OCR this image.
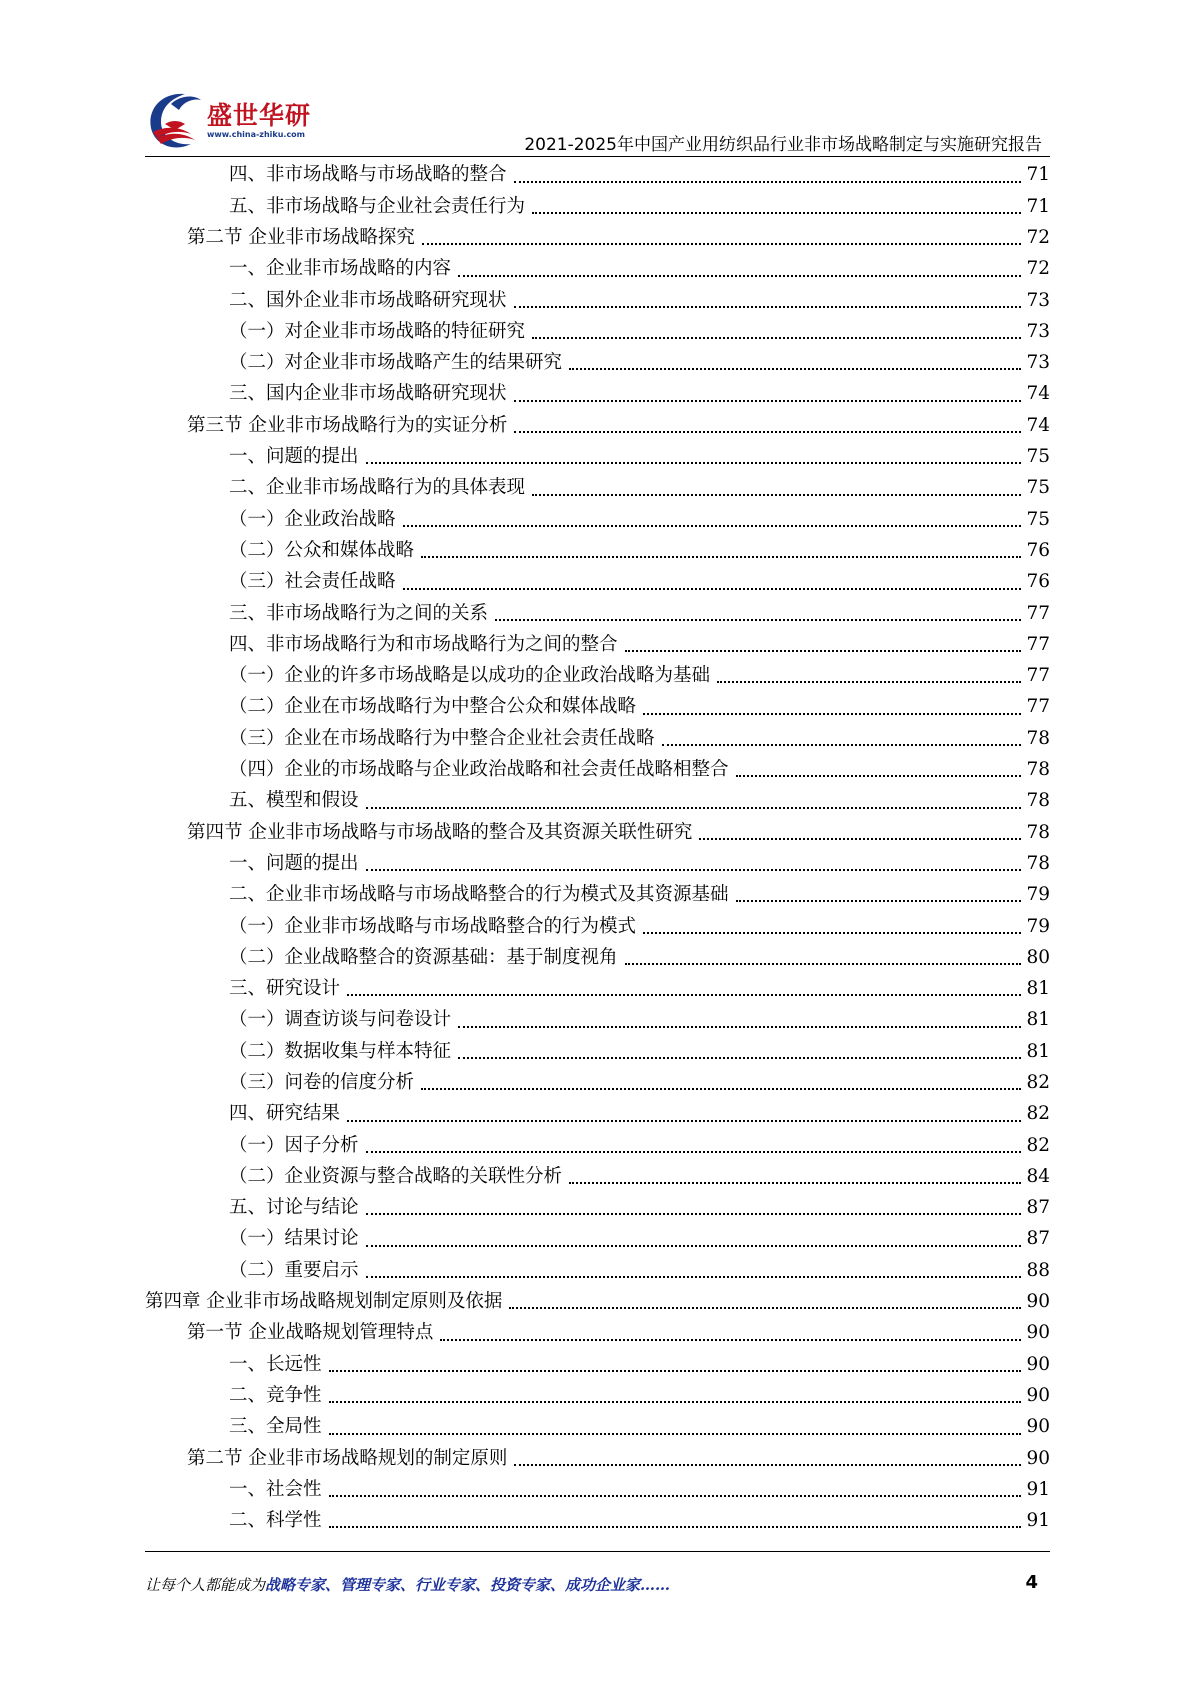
盛世华研
www.china-zhiku.com
2021-2025年中国产业用纺织品行业非市场战略制定与实施研究报告
四、非市场战略与市场战略的整合	71
五、非市场战略与企业社会责任行为	71
第二节 企业非市场战略探究	72
一、企业非市场战略的内容	72
二、国外企业非市场战略研究现状	73
（一）对企业非市场战略的特征研究	73
（二）对企业非市场战略产生的结果研究	73
三、国内企业非市场战略研究现状	74
第三节 企业非市场战略行为的实证分析	74
一、问题的提出	75
二、企业非市场战略行为的具体表现	75
（一）企业政治战略	75
（二）公众和媒体战略	76
（三）社会责任战略	76
三、非市场战略行为之间的关系	77
四、非市场战略行为和市场战略行为之间的整合	77
（一）企业的许多市场战略是以成功的企业政治战略为基础	77
（二）企业在市场战略行为中整合公众和媒体战略	77
（三）企业在市场战略行为中整合企业社会责任战略	78
（四）企业的市场战略与企业政治战略和社会责任战略相整合	78
五、模型和假设	78
第四节 企业非市场战略与市场战略的整合及其资源关联性研究	78
一、问题的提出	78
二、企业非市场战略与市场战略整合的行为模式及其资源基础	79
（一）企业非市场战略与市场战略整合的行为模式	79
（二）企业战略整合的资源基础：基于制度视角	80
三、研究设计	81
（一）调查访谈与问卷设计	81
（二）数据收集与样本特征	81
（三）问卷的信度分析	82
四、研究结果	82
（一）因子分析	82
（二）企业资源与整合战略的关联性分析	84
五、讨论与结论	87
（一）结果讨论	87
（二）重要启示	88
第四章 企业非市场战略规划制定原则及依据	90
第一节 企业战略规划管理特点	90
一、长远性	90
二、竞争性	90
三、全局性	90
第二节 企业非市场战略规划的制定原则	90
一、社会性	91
二、科学性	91
让每个人都能成为战略专家、管理专家、行业专家、投资专家、成功企业家……	4
